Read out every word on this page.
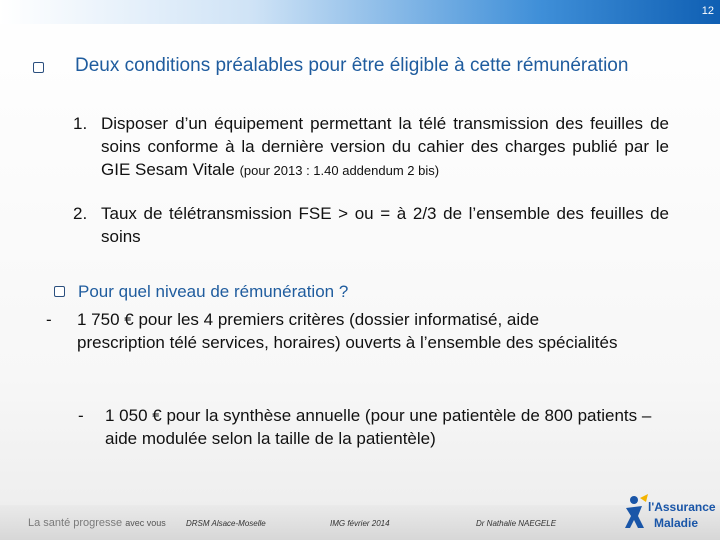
12
Deux conditions préalables pour être éligible à cette rémunération
1. Disposer d’un équipement permettant la télé transmission des feuilles de soins conforme à la dernière version du cahier des charges publié par le GIE Sesam Vitale (pour 2013 : 1.40 addendum 2 bis)
2. Taux de télétransmission FSE > ou = à 2/3 de l’ensemble des feuilles de soins
Pour quel niveau de rémunération ?
-	1 750 € pour les 4 premiers critères (dossier informatisé, aide prescription télé services, horaires) ouverts à l’ensemble des spécialités
-	1 050 € pour la synthèse annuelle (pour une patientèle de 800 patients – aide modulée selon la taille de la patientèle)
La santé progresse avec vous	DRSM Alsace-Moselle	IMG février 2014	Dr Nathalie NAEGELE
l'Assurance
Maladie
